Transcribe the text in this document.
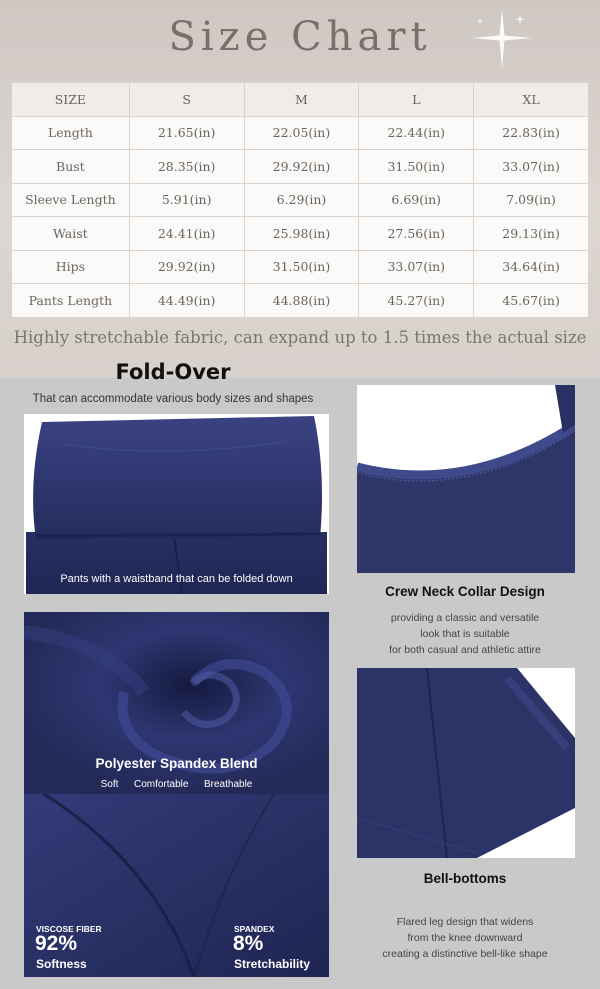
Size Chart
SIZE	S	M	L	XL
Length	21.65(in)	22.05(in)	22.44(in)	22.83(in)
Bust	28.35(in)	29.92(in)	31.50(in)	33.07(in)
Sleeve Length	5.91(in)	6.29(in)	6.69(in)	7.09(in)
Waist	24.41(in)	25.98(in)	27.56(in)	29.13(in)
Hips	29.92(in)	31.50(in)	33.07(in)	34.64(in)
Pants Length	44.49(in)	44.88(in)	45.27(in)	45.67(in)
Highly stretchable fabric, can expand up to 1.5 times the actual size
Fold-Over
That can accommodate various body sizes and shapes
Pants with a waistband that can be folded down
Crew Neck Collar Design
providing a classic and versatile
look that is suitable
for both casual and athletic attire
Polyester Spandex Blend
Soft Comfortable Breathable
VISCOSE FIBER
92%
Softness
SPANDEX
8%
Stretchability
Bell-bottoms
Flared leg design that widens
from the knee downward
creating a distinctive bell-like shape
